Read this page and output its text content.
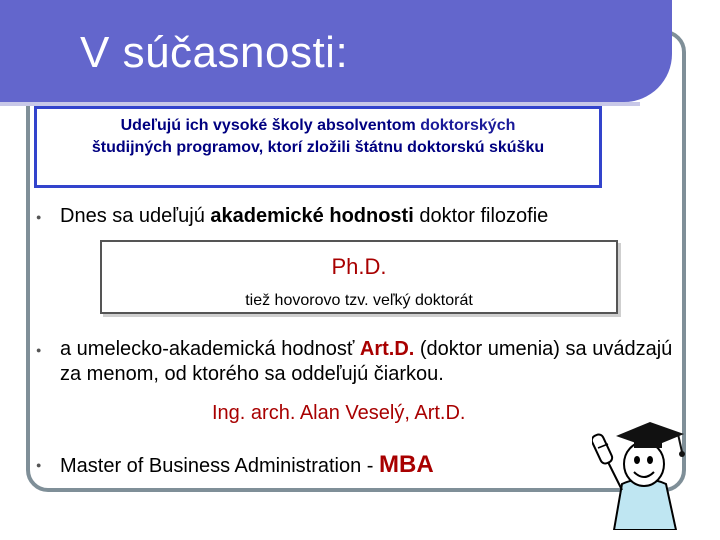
V súčasnosti:
Udeľujú ich vysoké školy absolventom doktorských
študijných programov, ktorí zložili štátnu doktorskú skúšku
● Dnes sa udeľujú akademické hodnosti doktor filozofie
Ph.D.
tiež hovorovo tzv. veľký doktorát
● a umelecko-akademická hodnosť Art.D. (doktor umenia) sa uvádzajú za menom, od ktorého sa oddeľujú čiarkou.
Ing. arch. Alan Veselý, Art.D.
● Master of Business Administration - MBA
